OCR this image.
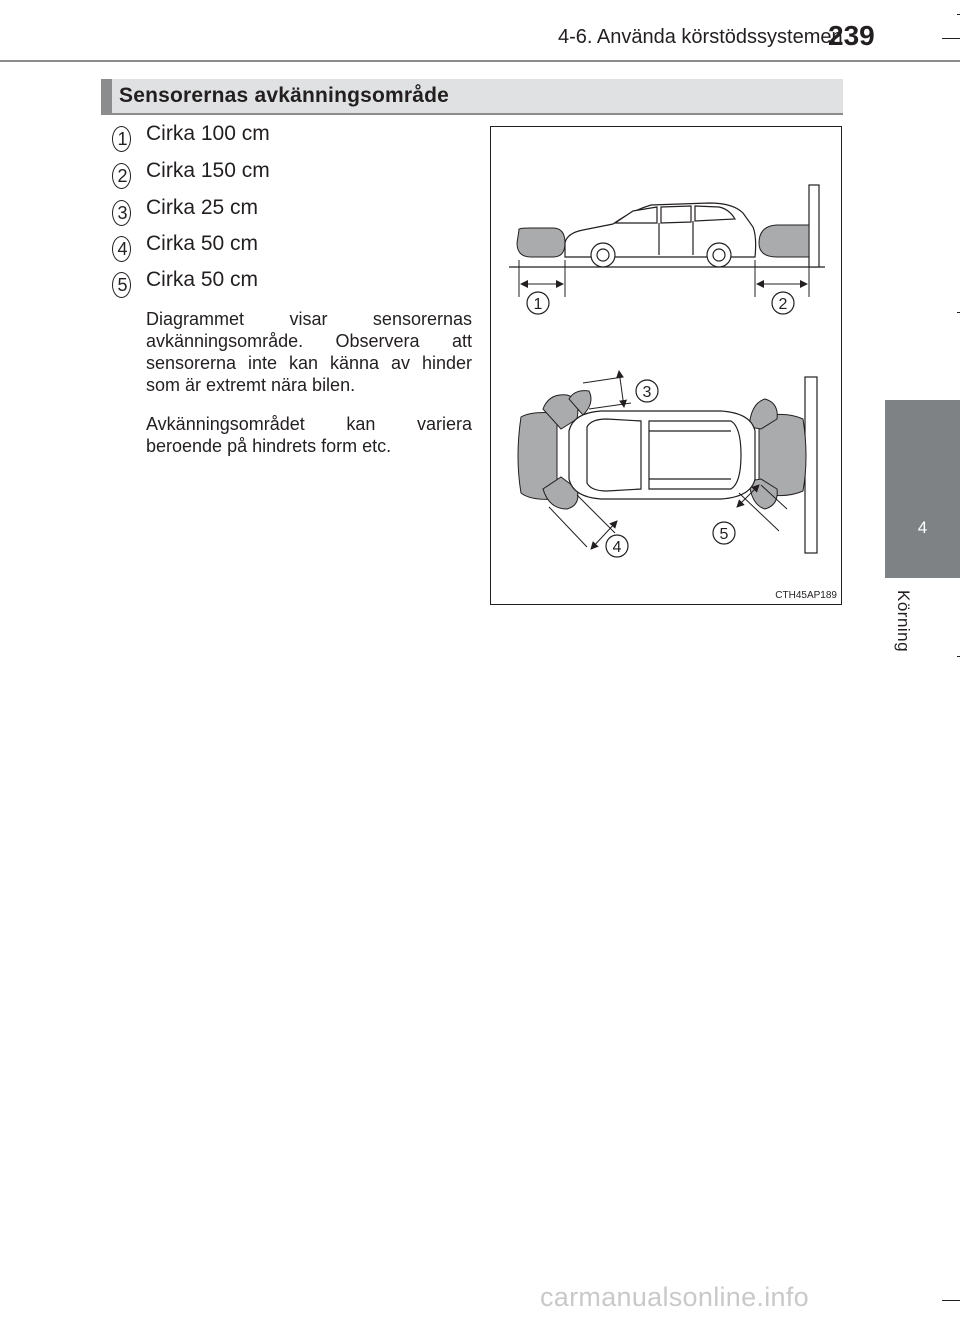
4-6. Använda körstödssystemen
239
4
Körning
Sensorernas avkänningsområde
1 Cirka 100 cm
2 Cirka 150 cm
3 Cirka 25 cm
4 Cirka 50 cm
5 Cirka 50 cm
Diagrammet visar sensorernas avkänningsområde. Observera att sensorerna inte kan känna av hinder som är extremt nära bilen.
Avkänningsområdet kan variera beroende på hindrets form etc.
1	2
3
4
5
CTH45AP189
carmanualsonline.info
